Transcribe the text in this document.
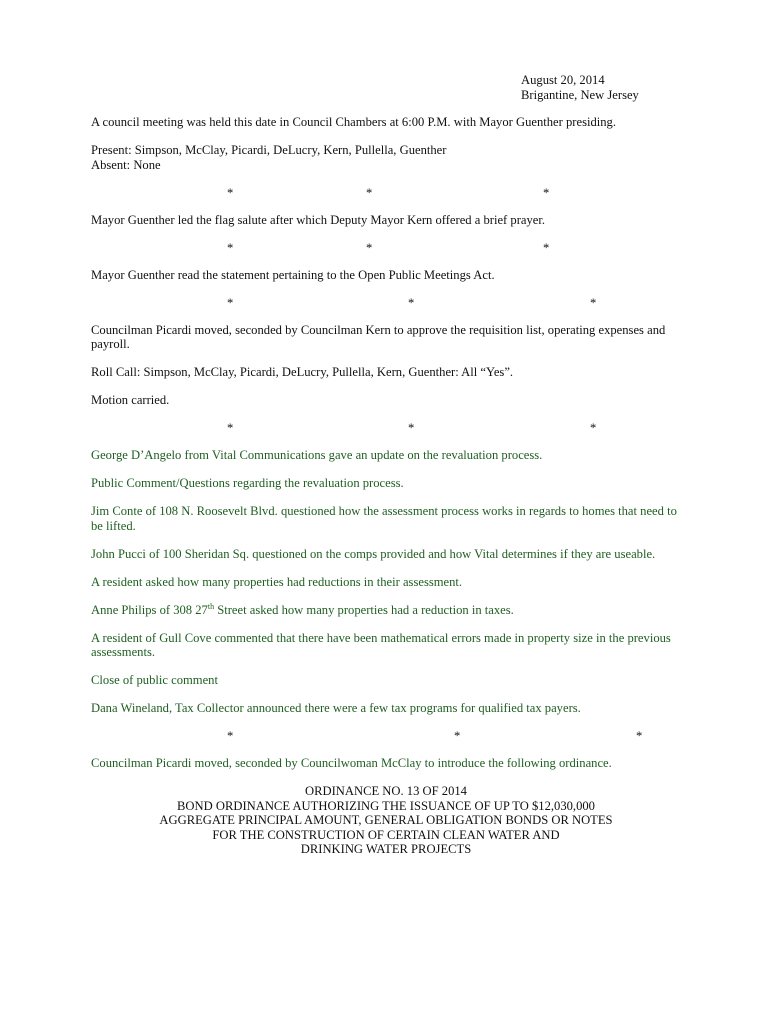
August 20, 2014
Brigantine, New Jersey

A council meeting was held this date in Council Chambers at 6:00 P.M. with Mayor Guenther presiding.

Present: Simpson, McClay, Picardi, DeLucry, Kern, Pullella, Guenther
Absent: None

*	*	*

Mayor Guenther led the flag salute after which Deputy Mayor Kern offered a brief prayer.

*	*	*

Mayor Guenther read the statement pertaining to the Open Public Meetings Act.

*	*	*

Councilman Picardi moved, seconded by Councilman Kern to approve the requisition list, operating expenses and payroll.

Roll Call: Simpson, McClay, Picardi, DeLucry, Pullella, Kern, Guenther: All “Yes”.

Motion carried.

*	*	*

George D’Angelo from Vital Communications gave an update on the revaluation process.

Public Comment/Questions regarding the revaluation process.

Jim Conte of 108 N. Roosevelt Blvd. questioned how the assessment process works in regards to homes that need to be lifted.

John Pucci of 100 Sheridan Sq. questioned on the comps provided and how Vital determines if they are useable.

A resident asked how many properties had reductions in their assessment.

Anne Philips of 308 27th Street asked how many properties had a reduction in taxes.

A resident of Gull Cove commented that there have been mathematical errors made in property size in the previous assessments.

Close of public comment

Dana Wineland, Tax Collector announced there were a few tax programs for qualified tax payers.

*	*	*

Councilman Picardi moved, seconded by Councilwoman McClay to introduce the following ordinance.

ORDINANCE NO. 13 OF 2014
BOND ORDINANCE AUTHORIZING THE ISSUANCE OF UP TO $12,030,000
AGGREGATE PRINCIPAL AMOUNT, GENERAL OBLIGATION BONDS OR NOTES
FOR THE CONSTRUCTION OF CERTAIN CLEAN WATER AND
DRINKING WATER PROJECTS
